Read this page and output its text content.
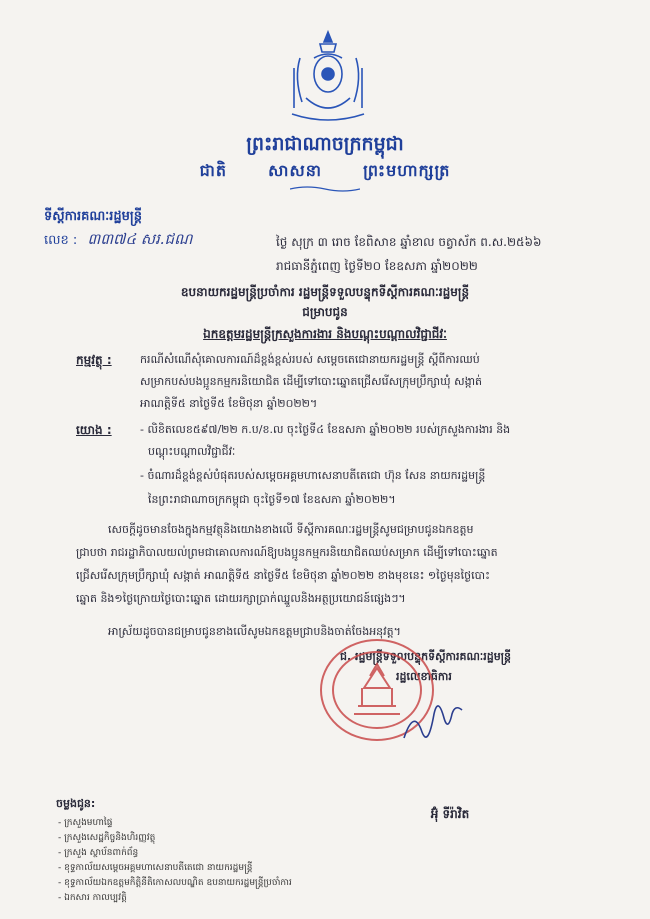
ព្រះរាជាណាចក្រកម្ពុជា
ជាតិ	សាសនា	ព្រះមហាក្សត្រ
ទីស្តីការគណៈរដ្ឋមន្ត្រី
លេខ : ៣៣៧៤ សរ.ជណ	ថ្ងៃ សុក្រ ៣ រោច ខែពិសាខ ឆ្នាំខាល ចត្វាស័ក ព.ស.២៥៦៦
រាជធានីភ្នំពេញ ថ្ងៃទី២០ ខែឧសភា ឆ្នាំ២០២២
ឧបនាយករដ្ឋមន្ត្រីប្រចាំការ រដ្ឋមន្ត្រីទទួលបន្ទុកទីស្តីការគណៈរដ្ឋមន្ត្រី
ជម្រាបជូន
ឯកឧត្តមរដ្ឋមន្ត្រីក្រសួងការងារ និងបណ្តុះបណ្តាលវិជ្ជាជីវៈ
កម្មវត្ថុ :	ករណីសំណើសុំគោលការណ៍ដ៏ខ្ពង់ខ្ពស់របស់ សម្តេចតេជោនាយករដ្ឋមន្ត្រី ស្តីពីការឈប់
សម្រាកបស់បងប្អូនកម្មករនិយោជិត ដើម្បីទៅបោះឆ្នោតជ្រើសរើសក្រុមប្រឹក្សាឃុំ សង្កាត់
អាណត្តិទី៥ នាថ្ងៃទី៥ ខែមិថុនា ឆ្នាំ២០២២។
យោង :	- លិខិតលេខ៥៩៧/២២ ក.ប/ខ.ល ចុះថ្ងៃទី៤ ខែឧសភា ឆ្នាំ២០២២ របស់ក្រសួងការងារ និង
បណ្តុះបណ្តាលវិជ្ជាជីវៈ
- ចំណារដ៏ខ្ពង់ខ្ពស់បំផុតរបស់សម្តេចអគ្គមហាសេនាបតីតេជោ ហ៊ុន សែន នាយករដ្ឋមន្ត្រី
នៃព្រះរាជាណាចក្រកម្ពុជា ចុះថ្ងៃទី១៧ ខែឧសភា ឆ្នាំ២០២២។
សេចក្តីដូចមានចែងក្នុងកម្មវត្ថុនិងយោងខាងលើ ទីស្តីការគណៈរដ្ឋមន្ត្រីសូមជម្រាបជូនឯកឧត្តម
ជ្រាបថា រាជរដ្ឋាភិបាលយល់ព្រមជាគោលការណ៍ឱ្យបងប្អូនកម្មករនិយោជិតឈប់សម្រាក ដើម្បីទៅបោះឆ្នោត
ជ្រើសរើសក្រុមប្រឹក្សាឃុំ សង្កាត់ អាណត្តិទី៥ នាថ្ងៃទី៥ ខែមិថុនា ឆ្នាំ២០២២ ខាងមុខនេះ ១ថ្ងៃមុនថ្ងៃបោះ
ឆ្នោត និង១ថ្ងៃក្រោយថ្ងៃបោះឆ្នោត ដោយរក្សាប្រាក់ឈ្នួលនិងអត្ថប្រយោជន៍ផ្សេងៗ។
អាស្រ័យដូចបានជម្រាបជូនខាងលើសូមឯកឧត្តមជ្រាបនិងចាត់ចែងអនុវត្ត។
ជ. រដ្ឋមន្ត្រីទទួលបន្ទុកទីស្តីការគណៈរដ្ឋមន្ត្រី
រដ្ឋលេខាធិការ
អ៊ុំ ទីរ៉ាវិត
ចម្លងជូន:
- ក្រសួងមហាផ្ទៃ
- ក្រសួងសេដ្ឋកិច្ចនិងហិរញ្ញវត្ថុ
- ក្រសួង ស្ថាប័នពាក់ព័ន្ធ
- ខុទ្ទកាល័យសម្តេចអគ្គមហាសេនាបតីតេជោ នាយករដ្ឋមន្ត្រី
- ខុទ្ទកាល័យឯកឧត្តមកិត្តិនីតិកោសលបណ្ឌិត ឧបនាយករដ្ឋមន្ត្រីប្រចាំការ
- ឯកសារ កាលប្បវត្តិ
